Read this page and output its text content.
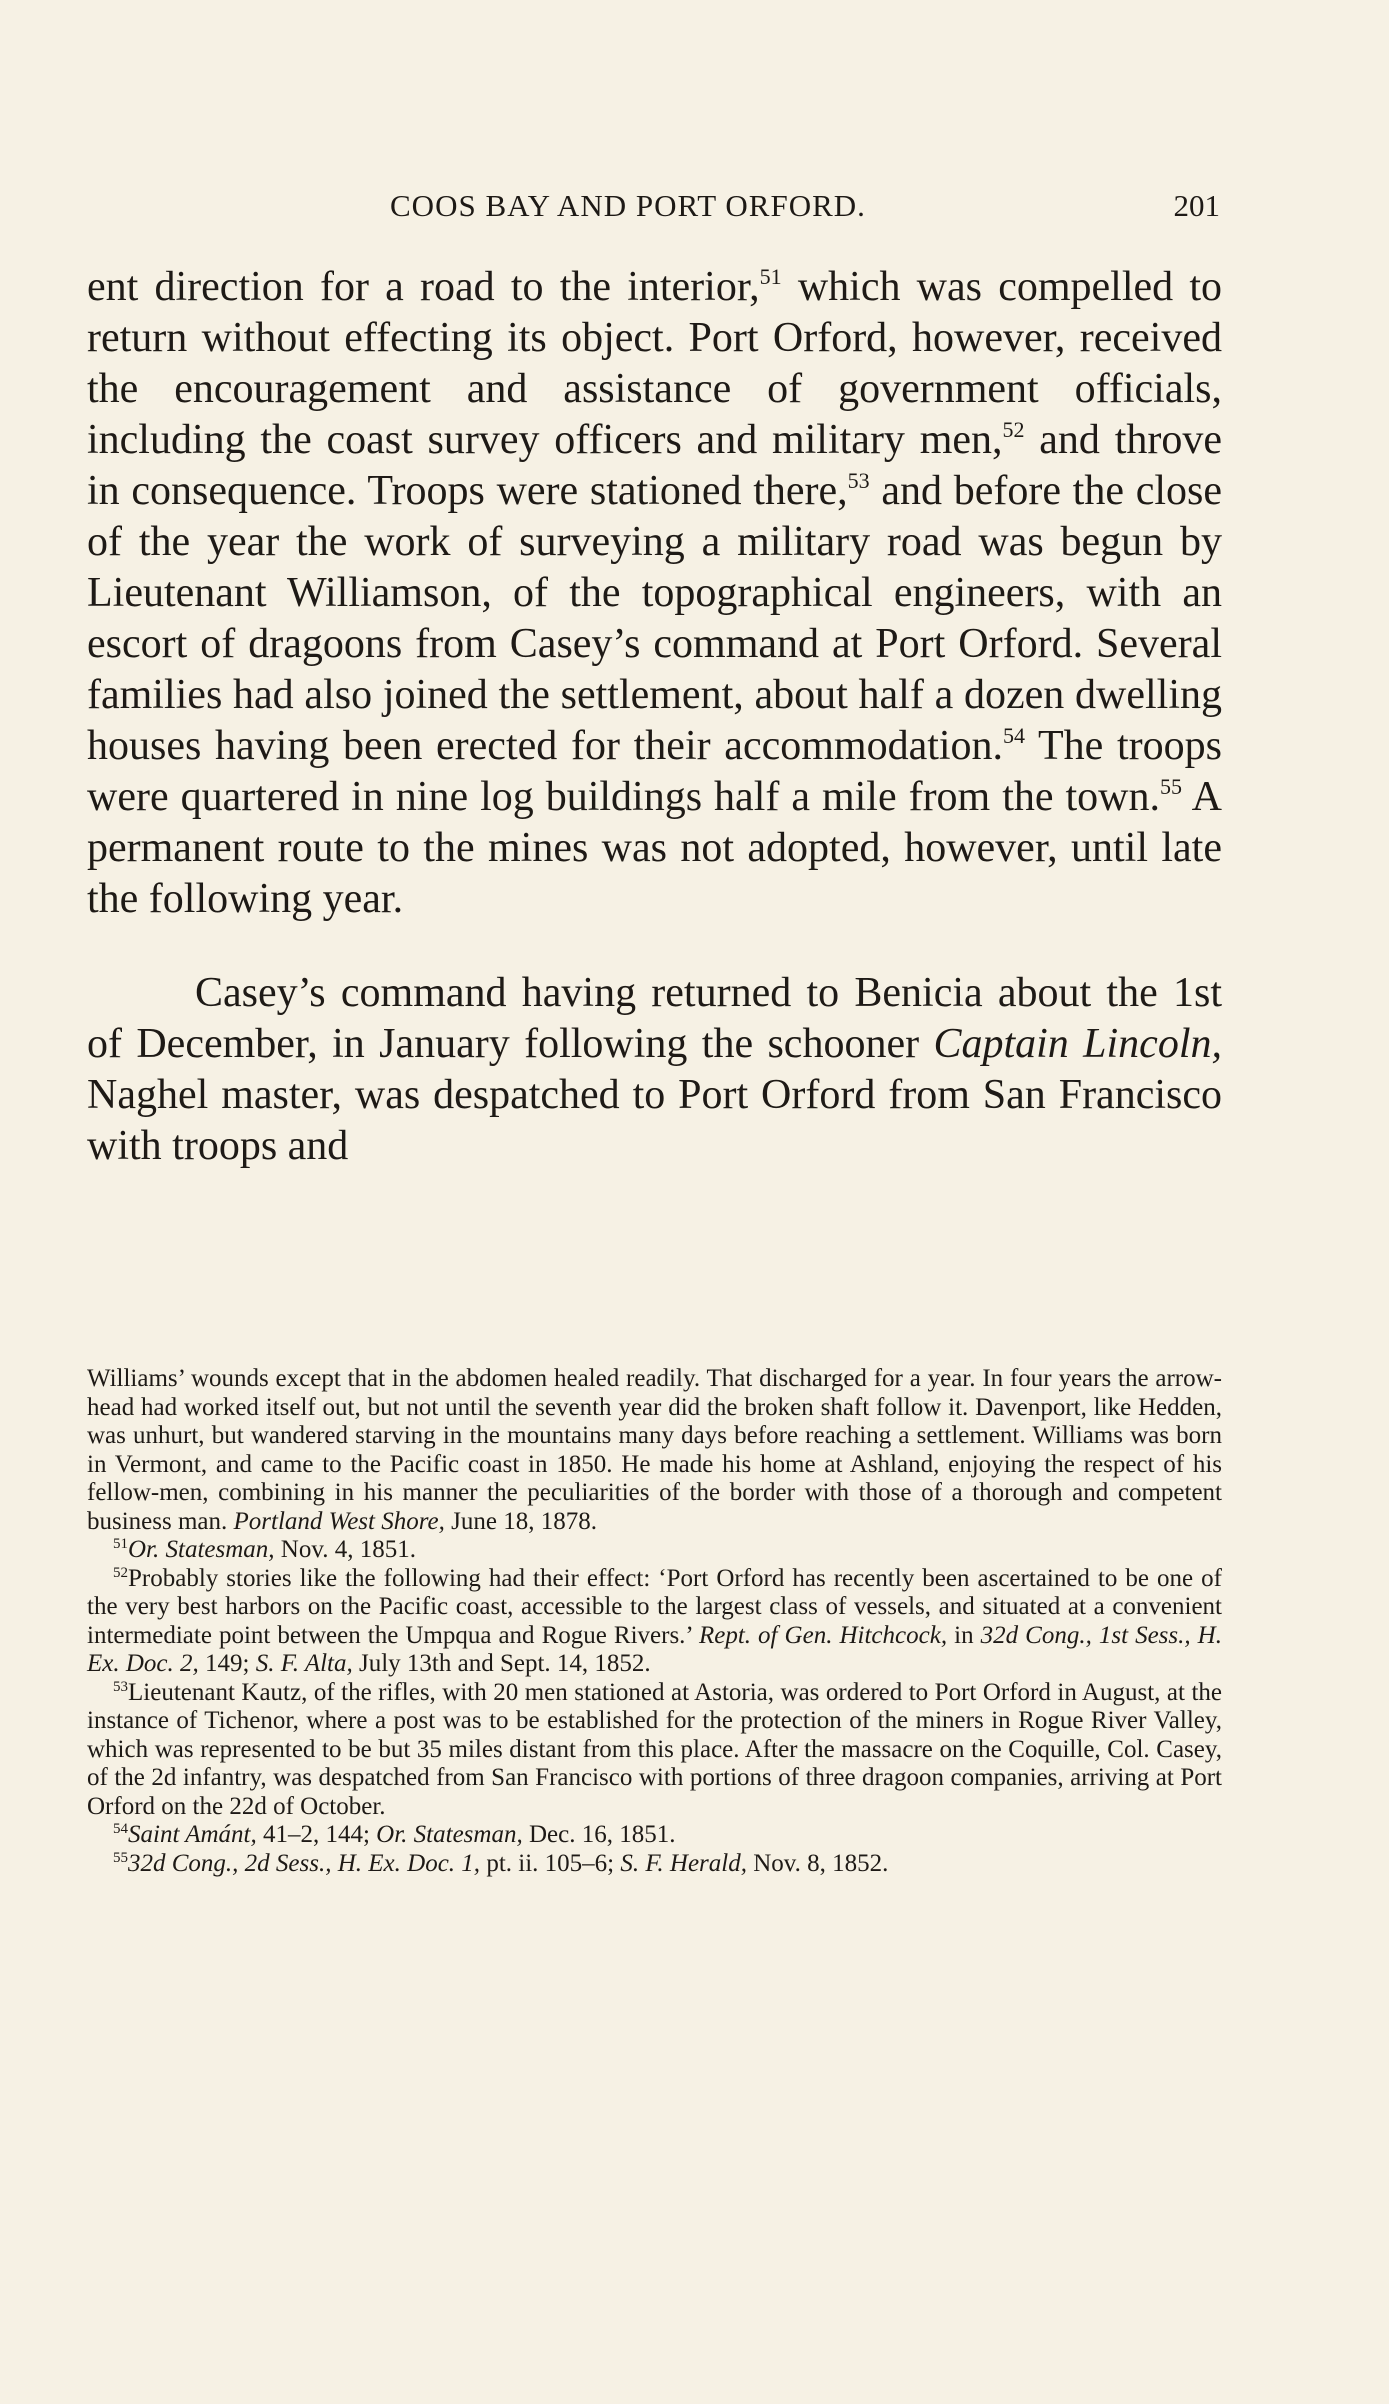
COOS BAY AND PORT ORFORD.	201

ent direction for a road to the interior,$^{51}$ which was compelled to return without effecting its object. Port Orford, however, received the encouragement and assistance of government officials, including the coast survey officers and military men,$^{52}$ and throve in consequence. Troops were stationed there,$^{53}$ and before the close of the year the work of surveying a military road was begun by Lieutenant Williamson, of the topographical engineers, with an escort of dragoons from Casey’s command at Port Orford. Several families had also joined the settlement, about half a dozen dwelling houses having been erected for their accommodation.$^{54}$ The troops were quartered in nine log buildings half a mile from the town.$^{55}$ A permanent route to the mines was not adopted, however, until late the following year.

Casey’s command having returned to Benicia about the 1st of December, in January following the schooner Captain Lincoln, Naghel master, was despatched to Port Orford from San Francisco with troops and

Williams’ wounds except that in the abdomen healed readily. That discharged for a year. In four years the arrow-head had worked itself out, but not until the seventh year did the broken shaft follow it. Davenport, like Hedden, was unhurt, but wandered starving in the mountains many days before reaching a settlement. Williams was born in Vermont, and came to the Pacific coast in 1850. He made his home at Ashland, enjoying the respect of his fellow-men, combining in his manner the peculiarities of the border with those of a thorough and competent business man. Portland West Shore, June 18, 1878.

$^{51}$Or. Statesman, Nov. 4, 1851.

$^{52}$Probably stories like the following had their effect: ‘Port Orford has recently been ascertained to be one of the very best harbors on the Pacific coast, accessible to the largest class of vessels, and situated at a convenient intermediate point between the Umpqua and Rogue Rivers.’ Rept. of Gen. Hitchcock, in 32d Cong., 1st Sess., H. Ex. Doc. 2, 149; S. F. Alta, July 13th and Sept. 14, 1852.

$^{53}$Lieutenant Kautz, of the rifles, with 20 men stationed at Astoria, was ordered to Port Orford in August, at the instance of Tichenor, where a post was to be established for the protection of the miners in Rogue River Valley, which was represented to be but 35 miles distant from this place. After the massacre on the Coquille, Col. Casey, of the 2d infantry, was despatched from San Francisco with portions of three dragoon companies, arriving at Port Orford on the 22d of October.

$^{54}$Saint Amánt, 41–2, 144; Or. Statesman, Dec. 16, 1851.

$^{55}$32d Cong., 2d Sess., H. Ex. Doc. 1, pt. ii. 105–6; S. F. Herald, Nov. 8, 1852.
